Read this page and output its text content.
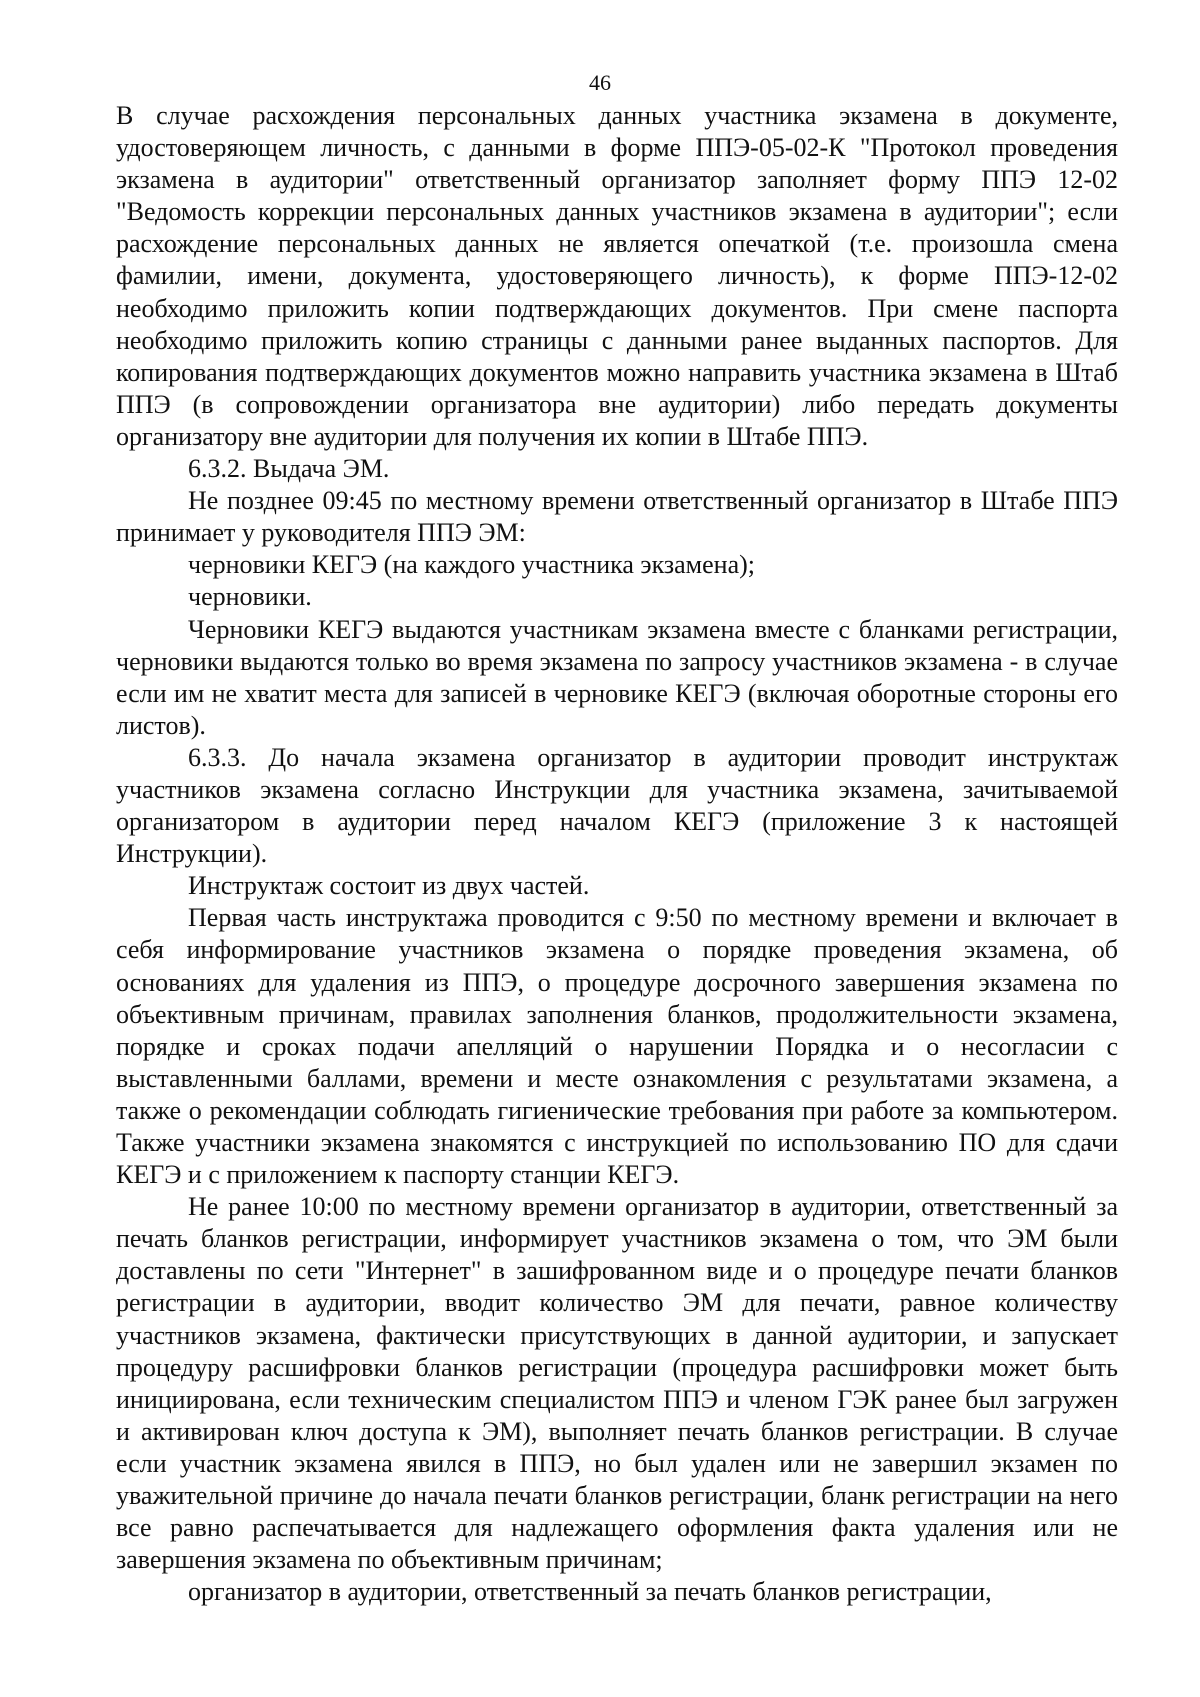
46

В случае расхождения персональных данных участника экзамена в документе, удостоверяющем личность, с данными в форме ППЭ-05-02-К "Протокол проведения экзамена в аудитории" ответственный организатор заполняет форму ППЭ 12-02 "Ведомость коррекции персональных данных участников экзамена в аудитории"; если расхождение персональных данных не является опечаткой (т.е. произошла смена фамилии, имени, документа, удостоверяющего личность), к форме ППЭ-12-02 необходимо приложить копии подтверждающих документов. При смене паспорта необходимо приложить копию страницы с данными ранее выданных паспортов. Для копирования подтверждающих документов можно направить участника экзамена в Штаб ППЭ (в сопровождении организатора вне аудитории) либо передать документы организатору вне аудитории для получения их копии в Штабе ППЭ.

6.3.2. Выдача ЭМ.

Не позднее 09:45 по местному времени ответственный организатор в Штабе ППЭ принимает у руководителя ППЭ ЭМ:

черновики КЕГЭ (на каждого участника экзамена);

черновики.

Черновики КЕГЭ выдаются участникам экзамена вместе с бланками регистрации, черновики выдаются только во время экзамена по запросу участников экзамена - в случае если им не хватит места для записей в черновике КЕГЭ (включая оборотные стороны его листов).

6.3.3. До начала экзамена организатор в аудитории проводит инструктаж участников экзамена согласно Инструкции для участника экзамена, зачитываемой организатором в аудитории перед началом КЕГЭ (приложение 3 к настоящей Инструкции).

Инструктаж состоит из двух частей.

Первая часть инструктажа проводится с 9:50 по местному времени и включает в себя информирование участников экзамена о порядке проведения экзамена, об основаниях для удаления из ППЭ, о процедуре досрочного завершения экзамена по объективным причинам, правилах заполнения бланков, продолжительности экзамена, порядке и сроках подачи апелляций о нарушении Порядка и о несогласии с выставленными баллами, времени и месте ознакомления с результатами экзамена, а также о рекомендации соблюдать гигиенические требования при работе за компьютером. Также участники экзамена знакомятся с инструкцией по использованию ПО для сдачи КЕГЭ и с приложением к паспорту станции КЕГЭ.

Не ранее 10:00 по местному времени организатор в аудитории, ответственный за печать бланков регистрации, информирует участников экзамена о том, что ЭМ были доставлены по сети "Интернет" в зашифрованном виде и о процедуре печати бланков регистрации в аудитории, вводит количество ЭМ для печати, равное количеству участников экзамена, фактически присутствующих в данной аудитории, и запускает процедуру расшифровки бланков регистрации (процедура расшифровки может быть инициирована, если техническим специалистом ППЭ и членом ГЭК ранее был загружен и активирован ключ доступа к ЭМ), выполняет печать бланков регистрации. В случае если участник экзамена явился в ППЭ, но был удален или не завершил экзамен по уважительной причине до начала печати бланков регистрации, бланк регистрации на него все равно распечатывается для надлежащего оформления факта удаления или не завершения экзамена по объективным причинам;

организатор в аудитории, ответственный за печать бланков регистрации,
